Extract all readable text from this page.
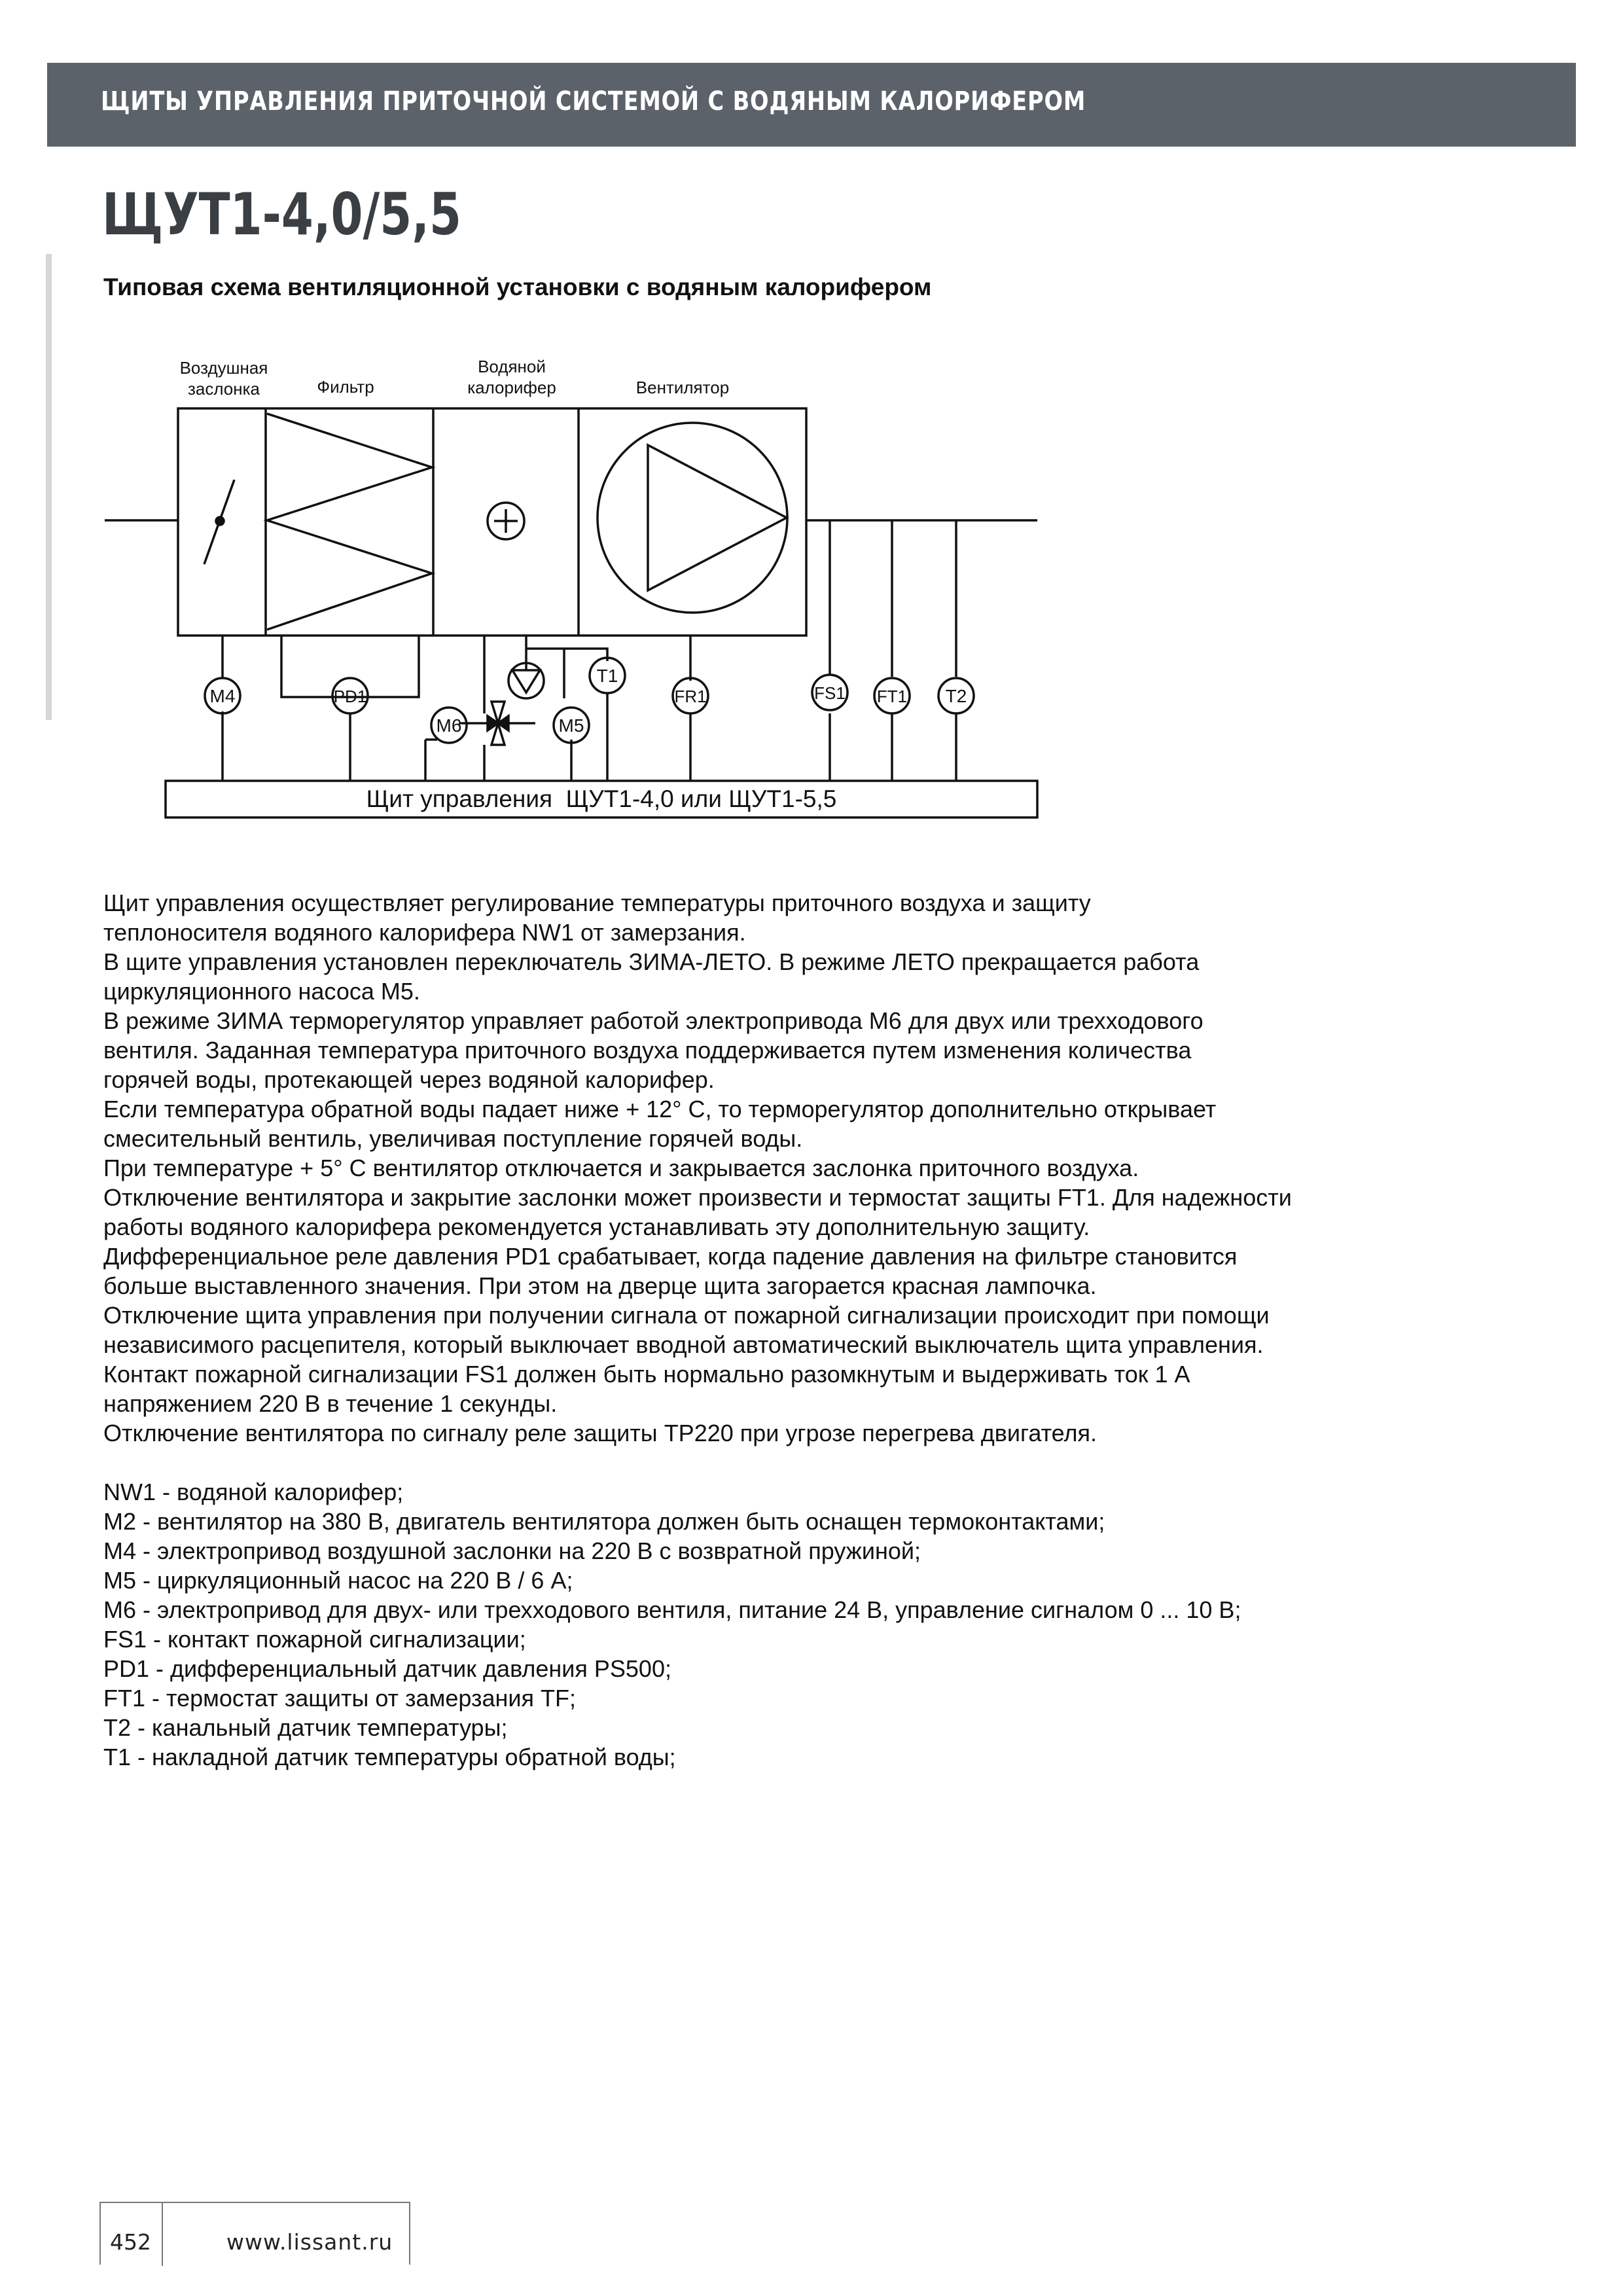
ЩИТЫ УПРАВЛЕНИЯ ПРИТОЧНОЙ СИСТЕМОЙ С ВОДЯНЫМ КАЛОРИФЕРОМ
ЩУТ1-4,0/5,5
Типовая схема вентиляционной установки с водяным калорифером
Воздушная
заслонка	Фильтр
Водяной
калорифер	Вентилятор
M4	PD1
M6	M5
T1
FR1	FS1 FT1 T2
Щит управления  ЩУТ1-4,0 или ЩУТ1-5,5

Щит управления осуществляет регулирование температуры приточного воздуха и защиту

теплоносителя водяного калорифера NW1 от замерзания.

В щите управления установлен переключатель ЗИМА-ЛЕТО. В режиме ЛЕТО прекращается работа

циркуляционного насоса M5.

В режиме ЗИМА терморегулятор управляет работой электропривода M6 для двух или трехходового

вентиля. Заданная температура приточного воздуха поддерживается путем изменения количества

горячей воды, протекающей через водяной калорифер.

Если температура обратной воды падает ниже + 12° С, то терморегулятор дополнительно открывает

смесительный вентиль, увеличивая поступление горячей воды.

При температуре + 5° С вентилятор отключается и закрывается заслонка приточного воздуха.

Отключение вентилятора и закрытие заслонки может произвести и термостат защиты FT1. Для надежности

работы водяного калорифера рекомендуется устанавливать эту дополнительную защиту.

Дифференциальное реле давления PD1 срабатывает, когда падение давления на фильтре становится

больше выставленного значения. При этом на дверце щита загорается красная лампочка.

Отключение щита управления при получении сигнала от пожарной сигнализации происходит при помощи

независимого расцепителя, который выключает вводной автоматический выключатель щита управления.

Контакт пожарной сигнализации FS1 должен быть нормально разомкнутым и выдерживать ток 1 А

напряжением 220 В в течение 1 секунды.

Отключение вентилятора по сигналу реле защиты TP220 при угрозе перегрева двигателя.

NW1 - водяной калорифер;

M2 - вентилятор на 380 В, двигатель вентилятора должен быть оснащен термоконтактами;

M4 - электропривод воздушной заслонки на 220 В с возвратной пружиной;

M5 - циркуляционный насос на 220 В / 6 А;

M6 - электропривод для двух- или трехходового вентиля, питание 24 В, управление сигналом 0 ... 10 В;

FS1 - контакт пожарной сигнализации;

PD1 - дифференциальный датчик давления PS500;

FT1 - термостат защиты от замерзания TF;

T2 - канальный датчик температуры;

T1 - накладной датчик температуры обратной воды;

452	www.lissant.ru
